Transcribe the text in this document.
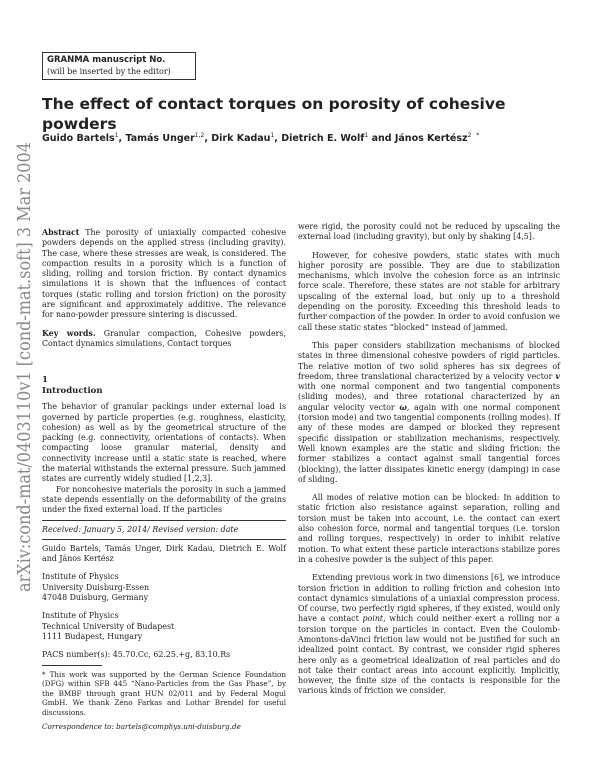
GRANMA manuscript No.
(will be inserted by the editor)
arXiv:cond-mat/0403110v1 [cond-mat.soft] 3 Mar 2004 The effect of contact torques on porosity of cohesive powders
Guido Bartels$^1$, Tamás Unger$^{1,2}$, Dirk Kadau$^1$, Dietrich E. Wolf$^1$ and János Kertész$^2$ *

Abstract The porosity of uniaxially compacted cohesive powders depends on the applied stress (including gravity). The case, where these stresses are weak, is considered. The compaction results in a porosity which is a function of sliding, rolling and torsion friction. By contact dynamics simulations it is shown that the influences of contact torques (static rolling and torsion friction) on the porosity are significant and approximately additive. The relevance for nano-powder pressure sintering is discussed.

Key words. Granular compaction, Cohesive powders, Contact dynamics simulations, Contact torques

1
Introduction

The behavior of granular packings under external load is governed by particle properties (e.g. roughness, elasticity, cohesion) as well as by the geometrical structure of the packing (e.g. connectivity, orientations of contacts). When compacting loose granular material, density and connectivity increase until a static state is reached, where the material withstands the external pressure. Such jammed states are currently widely studied [1,2,3].

For noncohesive materials the porosity in such a jammed state depends essentially on the deformability of the grains under the fixed external load. If the particles

Received: January 5, 2014/ Revised version: date

Guido Bartels, Tamás Unger, Dirk Kadau, Dietrich E. Wolf and János Kertész

Institute of Physics

University Duisburg-Essen

47048 Duisburg, Germany

Institute of Physics

Technical University of Budapest

1111 Budapest, Hungary

PACS number(s): 45.70.Cc, 62.25.+g, 83.10.Rs

* This work was supported by the German Science Foundation (DFG) within SFB 445 “Nano-Particles from the Gas Phase”, by the BMBF through grant HUN 02/011 and by Federal Mogul GmbH. We thank Zéno Farkas and Lothar Brendel for useful discussions.

Correspondence to: bartels@comphys.uni-duisburg.de

were rigid, the porosity could not be reduced by upscaling the external load (including gravity), but only by shaking [4,5].

However, for cohesive powders, static states with much higher porosity are possible. They are due to stabilization mechanisms, which involve the cohesion force as an intrinsic force scale. Therefore, these states are not stable for arbitrary upscaling of the external load, but only up to a threshold depending on the porosity. Exceeding this threshold leads to further compaction of the powder. In order to avoid confusion we call these static states “blocked” instead of jammed.

This paper considers stabilization mechanisms of blocked states in three dimensional cohesive powders of rigid particles. The relative motion of two solid spheres has six degrees of freedom, three translational characterized by a velocity vector v with one normal component and two tangential components (sliding modes), and three rotational characterized by an angular velocity vector ω, again with one normal component (torsion mode) and two tangential components (rolling modes). If any of these modes are damped or blocked they represent specific dissipation or stabilization mechanisms, respectively. Well known examples are the static and sliding friction: the former stabilizes a contact against small tangential forces (blocking), the latter dissipates kinetic energy (damping) in case of sliding.

All modes of relative motion can be blocked: In addition to static friction also resistance against separation, rolling and torsion must be taken into account, i.e. the contact can exert also cohesion force, normal and tangential torques (i.e. torsion and rolling torques, respectively) in order to inhibit relative motion. To what extent these particle interactions stabilize pores in a cohesive powder is the subject of this paper.

Extending previous work in two dimensions [6], we introduce torsion friction in addition to rolling friction and cohesion into contact dynamics simulations of a uniaxial compression process. Of course, two perfectly rigid spheres, if they existed, would only have a contact point, which could neither exert a rolling nor a torsion torque on the particles in contact. Even the Coulomb-Amontons-daVinci friction law would not be justified for such an idealized point contact. By contrast, we consider rigid spheres here only as a geometrical idealization of real particles and do not take their contact areas into account explicitly. Implicitly, however, the finite size of the contacts is responsible for the various kinds of friction we consider.
